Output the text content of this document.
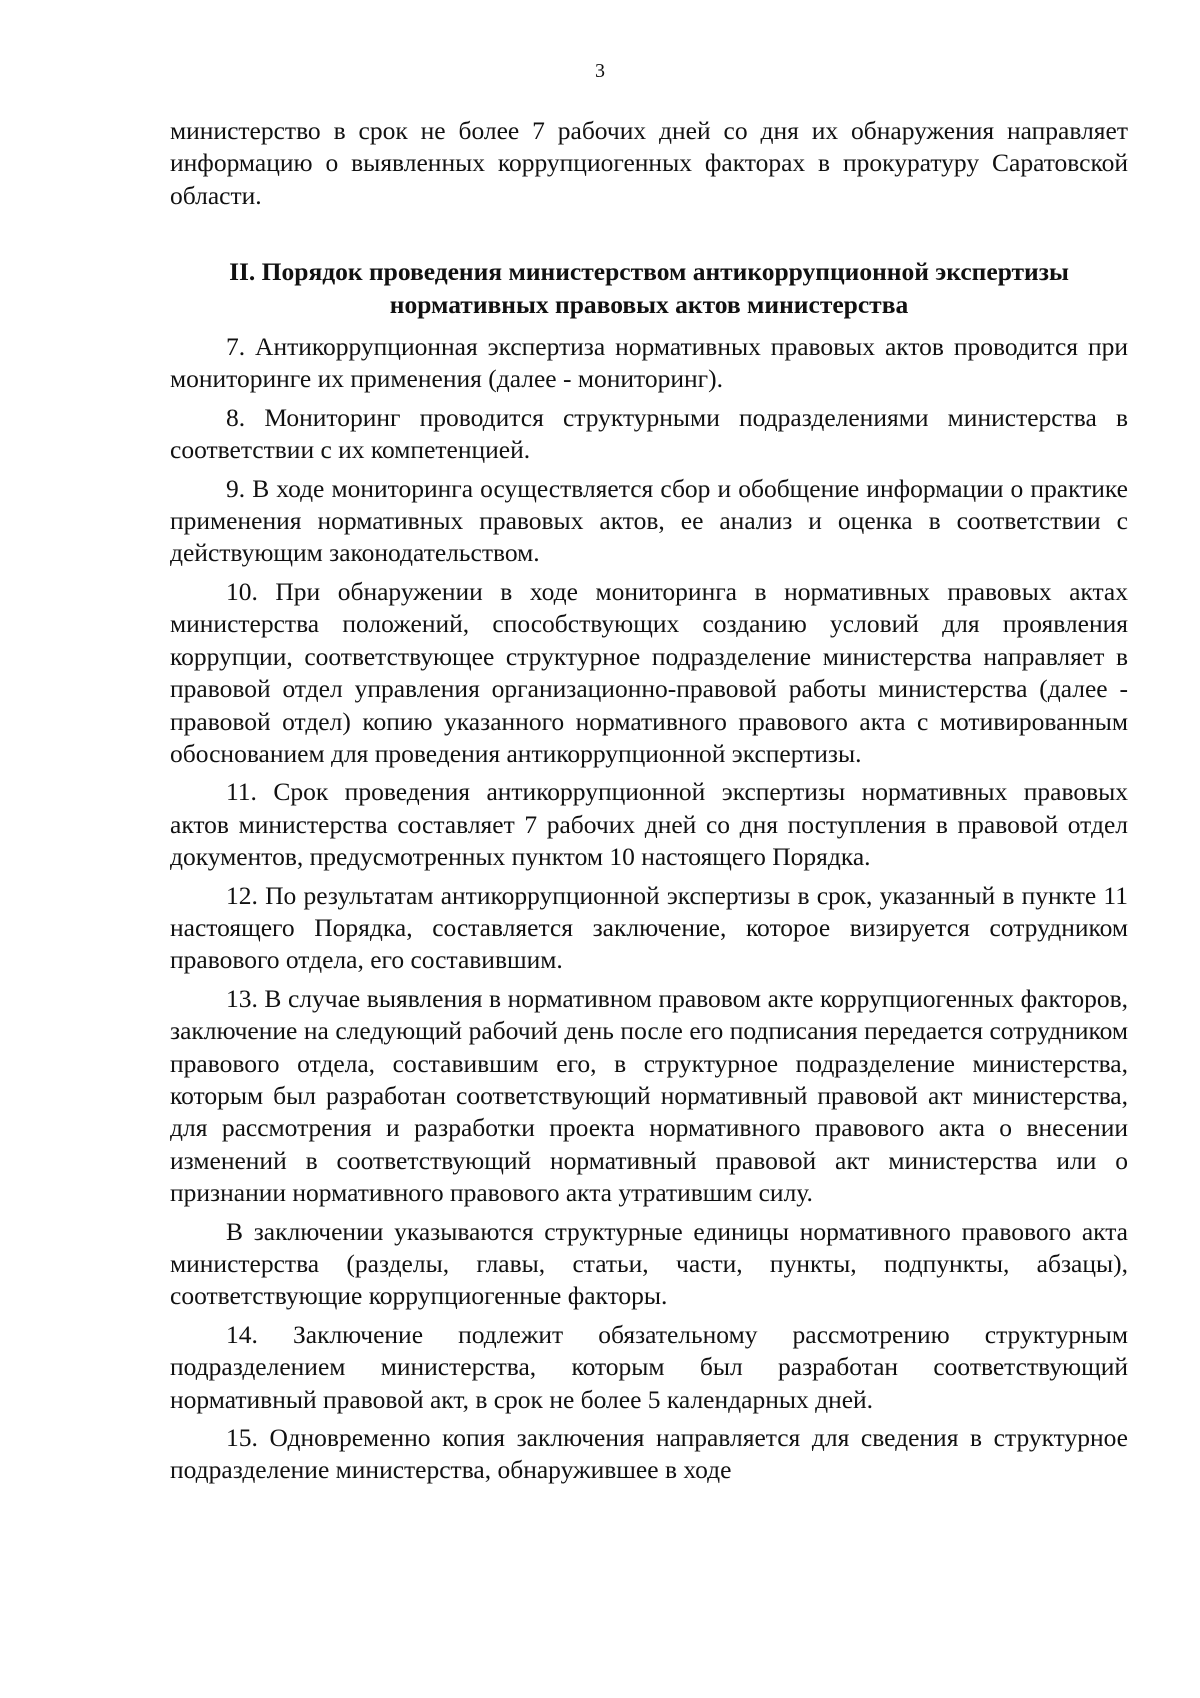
3

министерство в срок не более 7 рабочих дней со дня их обнаружения направляет информацию о выявленных коррупциогенных факторах в прокуратуру Саратовской области.

II. Порядок проведения министерством антикоррупционной экспертизы
нормативных правовых актов министерства

7. Антикоррупционная экспертиза нормативных правовых актов проводится при мониторинге их применения (далее - мониторинг).

8. Мониторинг проводится структурными подразделениями министерства в соответствии с их компетенцией.

9. В ходе мониторинга осуществляется сбор и обобщение информации о практике применения нормативных правовых актов, ее анализ и оценка в соответствии с действующим законодательством.

10. При обнаружении в ходе мониторинга в нормативных правовых актах министерства положений, способствующих созданию условий для проявления коррупции, соответствующее структурное подразделение министерства направляет в правовой отдел управления организационно-правовой работы министерства (далее - правовой отдел) копию указанного нормативного правового акта с мотивированным обоснованием для проведения антикоррупционной экспертизы.

11. Срок проведения антикоррупционной экспертизы нормативных правовых актов министерства составляет 7 рабочих дней со дня поступления в правовой отдел документов, предусмотренных пунктом 10 настоящего Порядка.

12. По результатам антикоррупционной экспертизы в срок, указанный в пункте 11 настоящего Порядка, составляется заключение, которое визируется сотрудником правового отдела, его составившим.

13. В случае выявления в нормативном правовом акте коррупциогенных факторов, заключение на следующий рабочий день после его подписания передается сотрудником правового отдела, составившим его, в структурное подразделение министерства, которым был разработан соответствующий нормативный правовой акт министерства, для рассмотрения и разработки проекта нормативного правового акта о внесении изменений в соответствующий нормативный правовой акт министерства или о признании нормативного правового акта утратившим силу.

В заключении указываются структурные единицы нормативного правового акта министерства (разделы, главы, статьи, части, пункты, подпункты, абзацы), соответствующие коррупциогенные факторы.

14. Заключение подлежит обязательному рассмотрению структурным подразделением министерства, которым был разработан соответствующий нормативный правовой акт, в срок не более 5 календарных дней.

15. Одновременно копия заключения направляется для сведения в структурное подразделение министерства, обнаружившее в ходе
